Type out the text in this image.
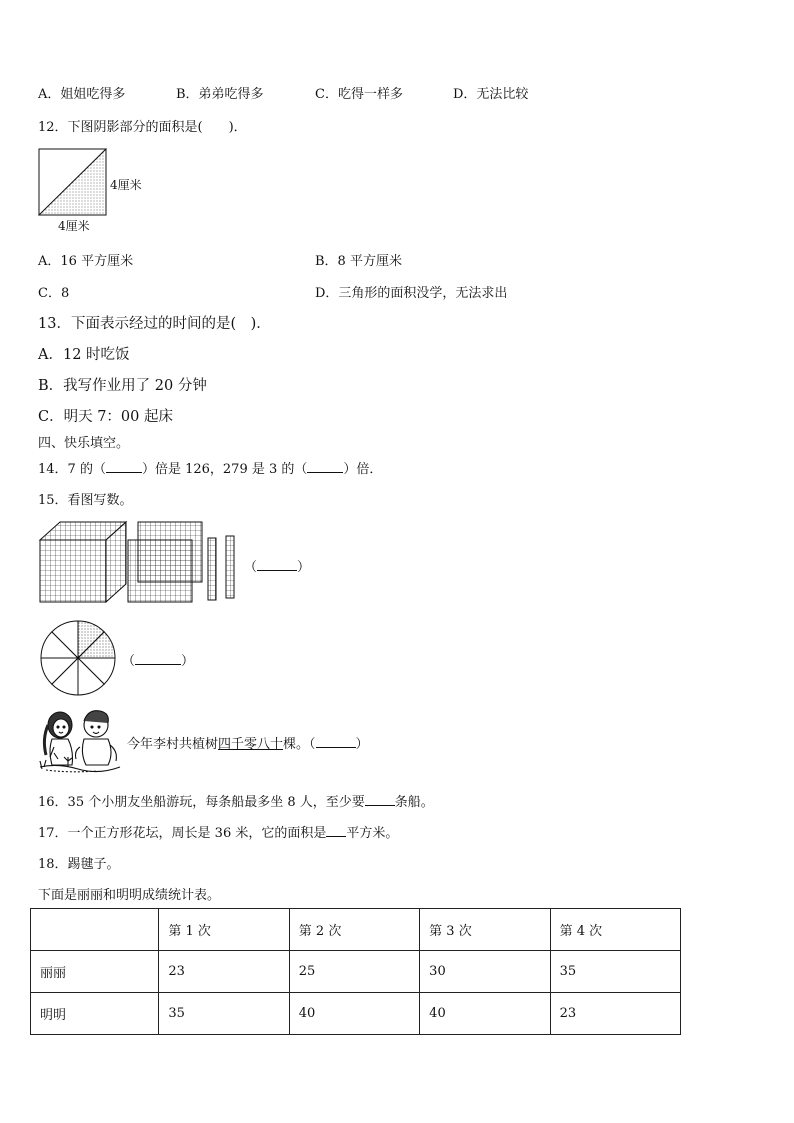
A．姐姐吃得多	B．弟弟吃得多	C．吃得一样多	D．无法比较
12．下图阴影部分的面积是(　　)．
4厘米
4厘米
A．16 平方厘米	B．8 平方厘米
C．8	D．三角形的面积没学，无法求出
13．下面表示经过的时间的是(　)．
A．12 时吃饭
B．我写作业用了 20 分钟
C．明天 7：00 起床
四、快乐填空。
14．7 的（	）倍是 126，279 是 3 的（	）倍．
15．看图写数。
（	）
（	）
今年李村共植树四千零八十棵。（	）
16．35 个小朋友坐船游玩，每条船最多坐 8 人，至少要 条船。
17．一个正方形花坛，周长是 36 米，它的面积是 平方米。
18．踢毽子。
下面是丽丽和明明成绩统计表。
	第 1 次	第 2 次	第 3 次	第 4 次
丽丽	23	25	30	35
明明	35	40	40	23
